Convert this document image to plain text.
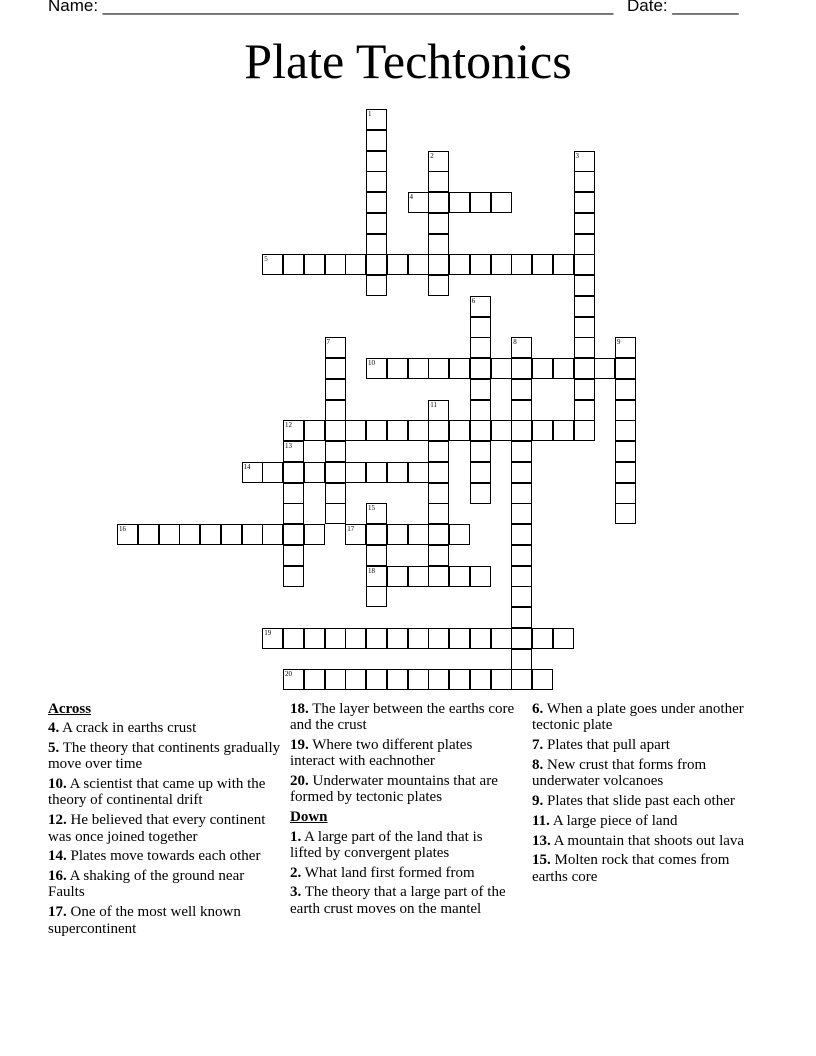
Name: ______________________________________________________ Date: _______
Plate Techtonics
1
2	3
4
5
6
7	8	9
10
11
12
13
14
15
18
16	17
19
20
Across
4. A crack in earths crust
5. The theory that continents gradually move over time
10. A scientist that came up with the theory of continental drift
12. He believed that every continent was once joined together
14. Plates move towards each other
16. A shaking of the ground near Faults
17. One of the most well known supercontinent
18. The layer between the earths core and the crust
19. Where two different plates interact with eachnother
20. Underwater mountains that are formed by tectonic plates
Down
1. A large part of the land that is lifted by convergent plates
2. What land first formed from
3. The theory that a large part of the earth crust moves on the mantel
6. When a plate goes under another tectonic plate
7. Plates that pull apart
8. New crust that forms from underwater volcanoes
9. Plates that slide past each other
11. A large piece of land
13. A mountain that shoots out lava
15. Molten rock that comes from earths core
